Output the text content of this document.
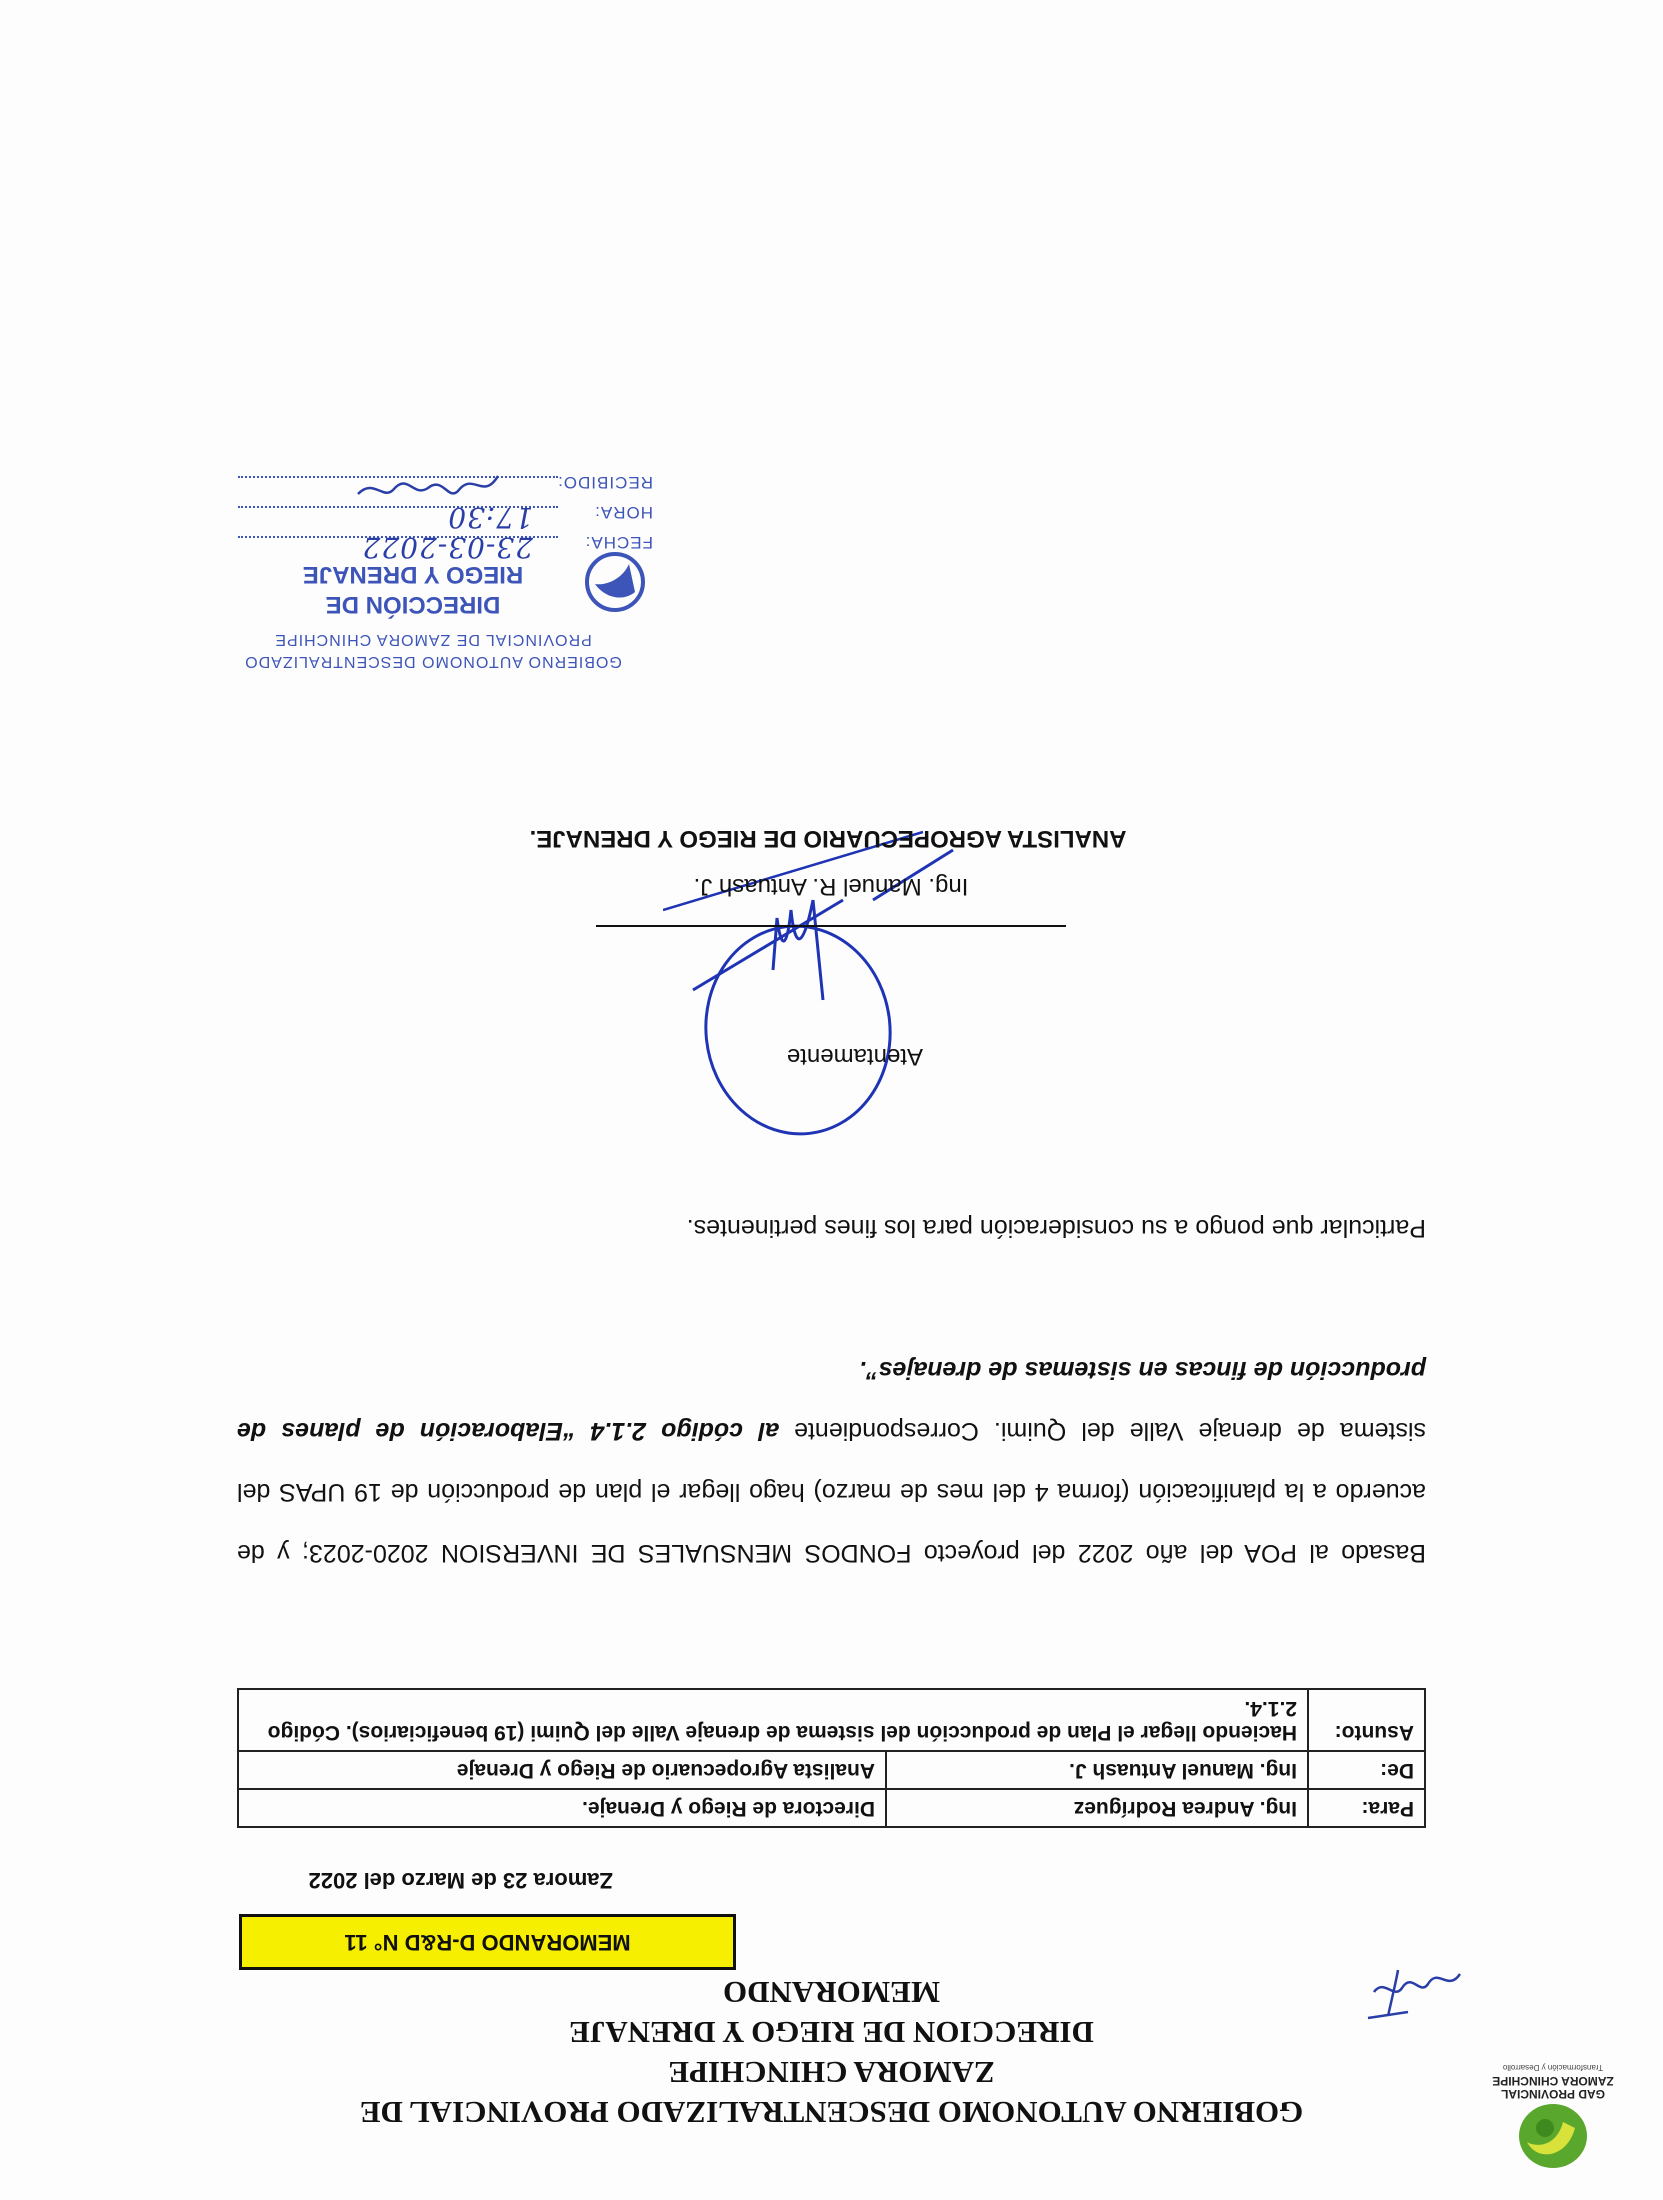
GAD PROVINCIAL ZAMORA CHINCHIPE
Transformación y Desarrollo
GOBIERNO AUTONOMO DESCENTRALIZADO PROVINCIAL DE
ZAMORA CHINCHIPE
DIRECCION DE RIEGO Y DRENAJE
MEMORANDO
MEMORANDO D-R&D N° 11
Zamora 23 de Marzo del 2022
Para:	Ing. Andrea Rodríguez	Directora de Riego y Drenaje.
De:	Ing. Manuel Antuash J.	Analista Agropecuario de Riego y Drenaje
Asunto:	Haciendo llegar el Plan de producción del sistema de drenaje Valle del Quimi (19 beneficiarios). Código 2.1.4.	
Basado al POA del año 2022 del proyecto FONDOS MENSUALES DE INVERSION 2020-2023; y de acuerdo a la planificación (forma 4 del mes de marzo) hago llegar el plan de producción de 19 UPAS del sistema de drenaje Valle del Quimi. Correspondiente al código 2.1.4 “Elaboración de planes de producción de fincas en sistemas de drenajes”.
Particular que pongo a su consideración para los fines pertinentes.
Atentamente
Ing. Manuel R. Antuash J.
ANALISTA AGROPECUARIO DE RIEGO Y DRENAJE.
GOBIERNO AUTONOMO DESCENTRALIZADO
PROVINCIAL DE ZAMORA CHINCHIPE
DIRECCIÓN DE
RIEGO Y DRENAJE
FECHA:
23-03-2022
HORA:
17:30
RECIBIDO:
